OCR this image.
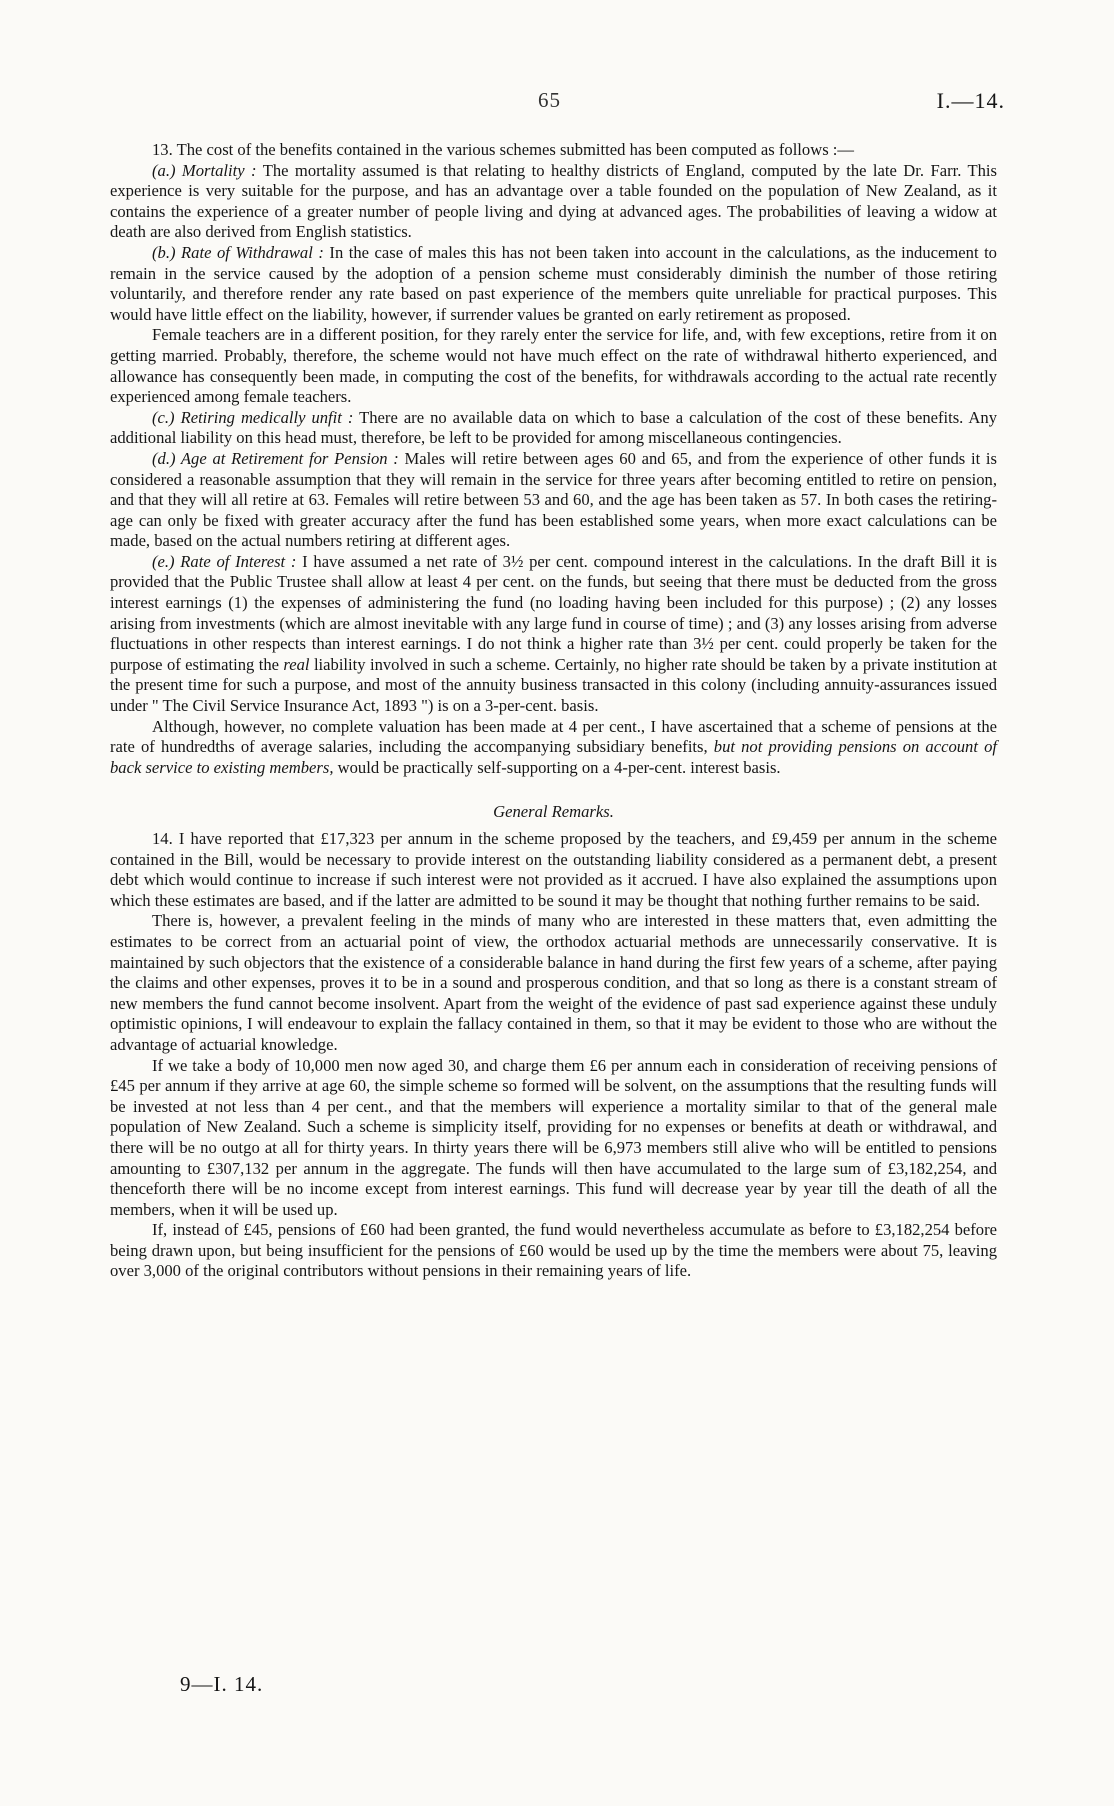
65	I.—14.

13. The cost of the benefits contained in the various schemes submitted has been computed as follows :—

(a.) Mortality : The mortality assumed is that relating to healthy districts of England, computed by the late Dr. Farr. This experience is very suitable for the purpose, and has an advantage over a table founded on the population of New Zealand, as it contains the experience of a greater number of people living and dying at advanced ages. The probabilities of leaving a widow at death are also derived from English statistics.

(b.) Rate of Withdrawal : In the case of males this has not been taken into account in the calculations, as the inducement to remain in the service caused by the adoption of a pension scheme must considerably diminish the number of those retiring voluntarily, and therefore render any rate based on past experience of the members quite unreliable for practical purposes. This would have little effect on the liability, however, if surrender values be granted on early retirement as proposed.

Female teachers are in a different position, for they rarely enter the service for life, and, with few exceptions, retire from it on getting married. Probably, therefore, the scheme would not have much effect on the rate of withdrawal hitherto experienced, and allowance has consequently been made, in computing the cost of the benefits, for withdrawals according to the actual rate recently experienced among female teachers.

(c.) Retiring medically unfit : There are no available data on which to base a calculation of the cost of these benefits. Any additional liability on this head must, therefore, be left to be provided for among miscellaneous contingencies.

(d.) Age at Retirement for Pension : Males will retire between ages 60 and 65, and from the experience of other funds it is considered a reasonable assumption that they will remain in the service for three years after becoming entitled to retire on pension, and that they will all retire at 63. Females will retire between 53 and 60, and the age has been taken as 57. In both cases the retiring-age can only be fixed with greater accuracy after the fund has been established some years, when more exact calculations can be made, based on the actual numbers retiring at different ages.

(e.) Rate of Interest : I have assumed a net rate of 3½ per cent. compound interest in the calculations. In the draft Bill it is provided that the Public Trustee shall allow at least 4 per cent. on the funds, but seeing that there must be deducted from the gross interest earnings (1) the expenses of administering the fund (no loading having been included for this purpose) ; (2) any losses arising from investments (which are almost inevitable with any large fund in course of time) ; and (3) any losses arising from adverse fluctuations in other respects than interest earnings. I do not think a higher rate than 3½ per cent. could properly be taken for the purpose of estimating the real liability involved in such a scheme. Certainly, no higher rate should be taken by a private institution at the present time for such a purpose, and most of the annuity business transacted in this colony (including annuity-assurances issued under " The Civil Service Insurance Act, 1893 ") is on a 3-per-cent. basis.

Although, however, no complete valuation has been made at 4 per cent., I have ascertained that a scheme of pensions at the rate of hundredths of average salaries, including the accompanying subsidiary benefits, but not providing pensions on account of back service to existing members, would be practically self-supporting on a 4-per-cent. interest basis.

General Remarks.

14. I have reported that £17,323 per annum in the scheme proposed by the teachers, and £9,459 per annum in the scheme contained in the Bill, would be necessary to provide interest on the outstanding liability considered as a permanent debt, a present debt which would continue to increase if such interest were not provided as it accrued. I have also explained the assumptions upon which these estimates are based, and if the latter are admitted to be sound it may be thought that nothing further remains to be said.

There is, however, a prevalent feeling in the minds of many who are interested in these matters that, even admitting the estimates to be correct from an actuarial point of view, the orthodox actuarial methods are unnecessarily conservative. It is maintained by such objectors that the existence of a considerable balance in hand during the first few years of a scheme, after paying the claims and other expenses, proves it to be in a sound and prosperous condition, and that so long as there is a constant stream of new members the fund cannot become insolvent. Apart from the weight of the evidence of past sad experience against these unduly optimistic opinions, I will endeavour to explain the fallacy contained in them, so that it may be evident to those who are without the advantage of actuarial knowledge.

If we take a body of 10,000 men now aged 30, and charge them £6 per annum each in consideration of receiving pensions of £45 per annum if they arrive at age 60, the simple scheme so formed will be solvent, on the assumptions that the resulting funds will be invested at not less than 4 per cent., and that the members will experience a mortality similar to that of the general male population of New Zealand. Such a scheme is simplicity itself, providing for no expenses or benefits at death or withdrawal, and there will be no outgo at all for thirty years. In thirty years there will be 6,973 members still alive who will be entitled to pensions amounting to £307,132 per annum in the aggregate. The funds will then have accumulated to the large sum of £3,182,254, and thenceforth there will be no income except from interest earnings. This fund will decrease year by year till the death of all the members, when it will be used up.

If, instead of £45, pensions of £60 had been granted, the fund would nevertheless accumulate as before to £3,182,254 before being drawn upon, but being insufficient for the pensions of £60 would be used up by the time the members were about 75, leaving over 3,000 of the original contributors without pensions in their remaining years of life.

9—I. 14.
